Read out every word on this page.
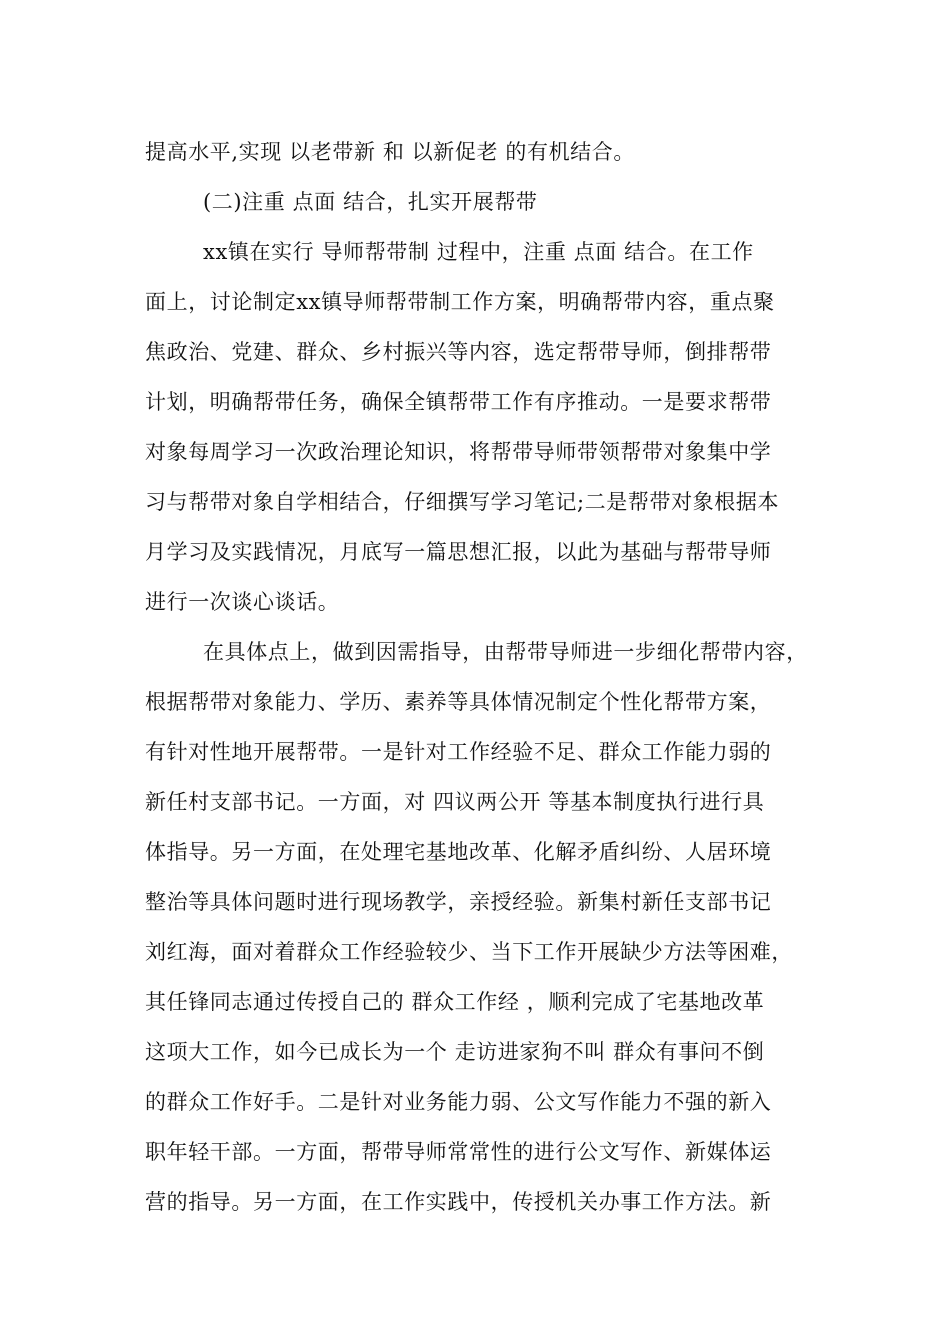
提高水平,实现 以老带新 和 以新促老 的有机结合。
(二)注重 点面 结合，扎实开展帮带
xx镇在实行 导师帮带制 过程中，注重 点面 结合。在工作
面上，讨论制定xx镇导师帮带制工作方案，明确帮带内容，重点聚
焦政治、党建、群众、乡村振兴等内容，选定帮带导师，倒排帮带
计划，明确帮带任务，确保全镇帮带工作有序推动。一是要求帮带
对象每周学习一次政治理论知识，将帮带导师带领帮带对象集中学
习与帮带对象自学相结合，仔细撰写学习笔记;二是帮带对象根据本
月学习及实践情况，月底写一篇思想汇报，以此为基础与帮带导师
进行一次谈心谈话。
在具体点上，做到因需指导，由帮带导师进一步细化帮带内容，
根据帮带对象能力、学历、素养等具体情况制定个性化帮带方案，
有针对性地开展帮带。一是针对工作经验不足、群众工作能力弱的
新任村支部书记。一方面，对 四议两公开 等基本制度执行进行具
体指导。另一方面，在处理宅基地改革、化解矛盾纠纷、人居环境
整治等具体问题时进行现场教学，亲授经验。新集村新任支部书记
刘红海，面对着群众工作经验较少、当下工作开展缺少方法等困难，
其任锋同志通过传授自己的 群众工作经 ，顺利完成了宅基地改革
这项大工作，如今已成长为一个 走访进家狗不叫 群众有事问不倒
的群众工作好手。二是针对业务能力弱、公文写作能力不强的新入
职年轻干部。一方面，帮带导师常常性的进行公文写作、新媒体运
营的指导。另一方面，在工作实践中，传授机关办事工作方法。新
